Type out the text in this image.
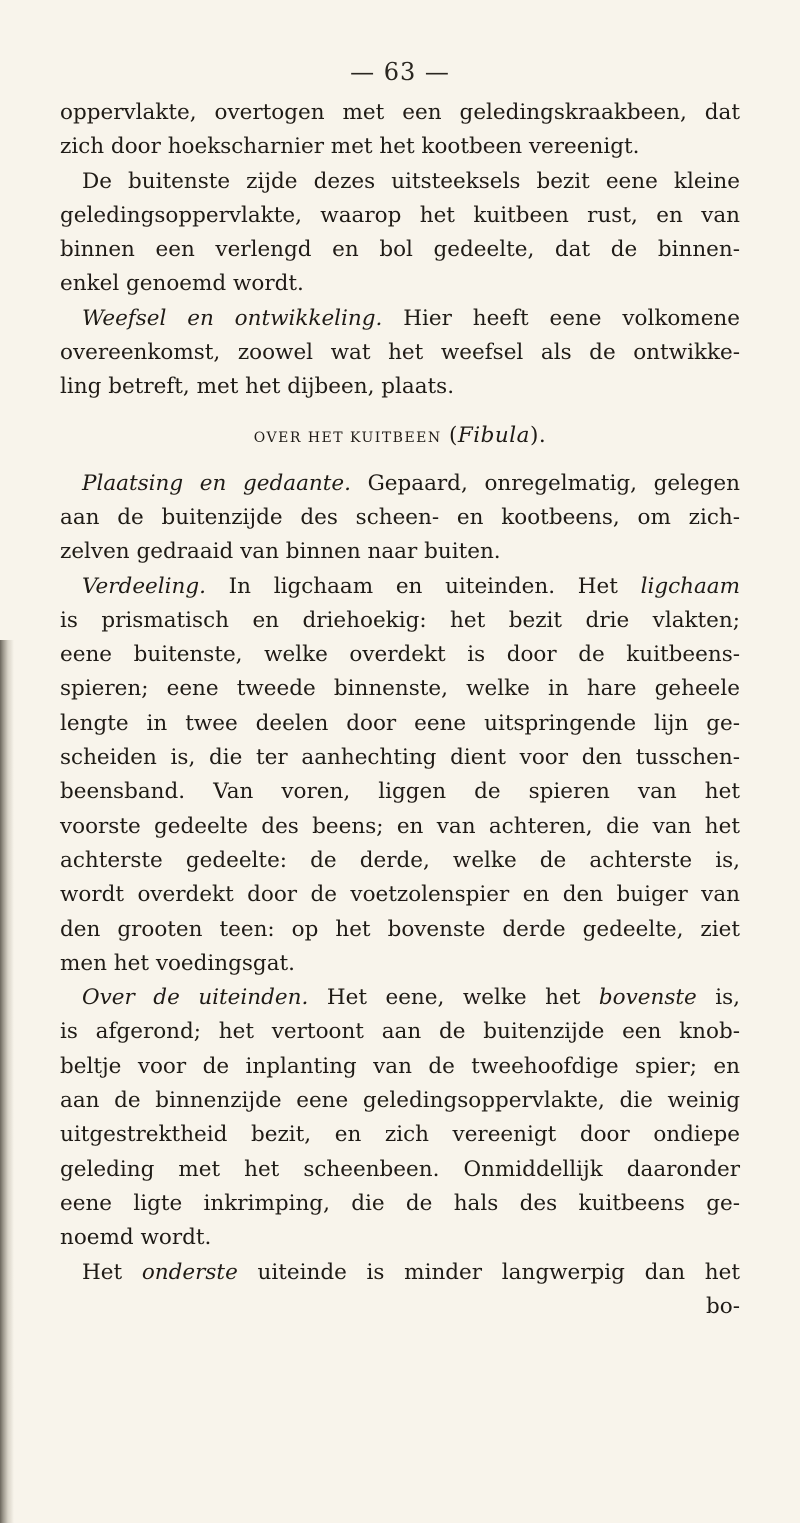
— 63 —
oppervlakte, overtogen met een geledingskraakbeen, dat
zich door hoekscharnier met het kootbeen vereenigt.
De buitenste zijde dezes uitsteeksels bezit eene kleine
geledingsoppervlakte, waarop het kuitbeen rust, en van
binnen een verlengd en bol gedeelte, dat de binnen-
enkel genoemd wordt.
Weefsel en ontwikkeling. Hier heeft eene volkomene
overeenkomst, zoowel wat het weefsel als de ontwikke-
ling betreft, met het dijbeen, plaats.
OVER HET KUITBEEN (Fibula).
Plaatsing en gedaante. Gepaard, onregelmatig, gelegen
aan de buitenzijde des scheen- en kootbeens, om zich-
zelven gedraaid van binnen naar buiten.
Verdeeling. In ligchaam en uiteinden. Het ligchaam
is prismatisch en driehoekig: het bezit drie vlakten;
eene buitenste, welke overdekt is door de kuitbeens-
spieren; eene tweede binnenste, welke in hare geheele
lengte in twee deelen door eene uitspringende lijn ge-
scheiden is, die ter aanhechting dient voor den tusschen-
beensband. Van voren, liggen de spieren van het
voorste gedeelte des beens; en van achteren, die van het
achterste gedeelte: de derde, welke de achterste is,
wordt overdekt door de voetzolenspier en den buiger van
den grooten teen: op het bovenste derde gedeelte, ziet
men het voedingsgat.
Over de uiteinden. Het eene, welke het bovenste is,
is afgerond; het vertoont aan de buitenzijde een knob-
beltje voor de inplanting van de tweehoofdige spier; en
aan de binnenzijde eene geledingsoppervlakte, die weinig
uitgestrektheid bezit, en zich vereenigt door ondiepe
geleding met het scheenbeen. Onmiddellijk daaronder
eene ligte inkrimping, die de hals des kuitbeens ge-
noemd wordt.
Het onderste uiteinde is minder langwerpig dan het
bo-
